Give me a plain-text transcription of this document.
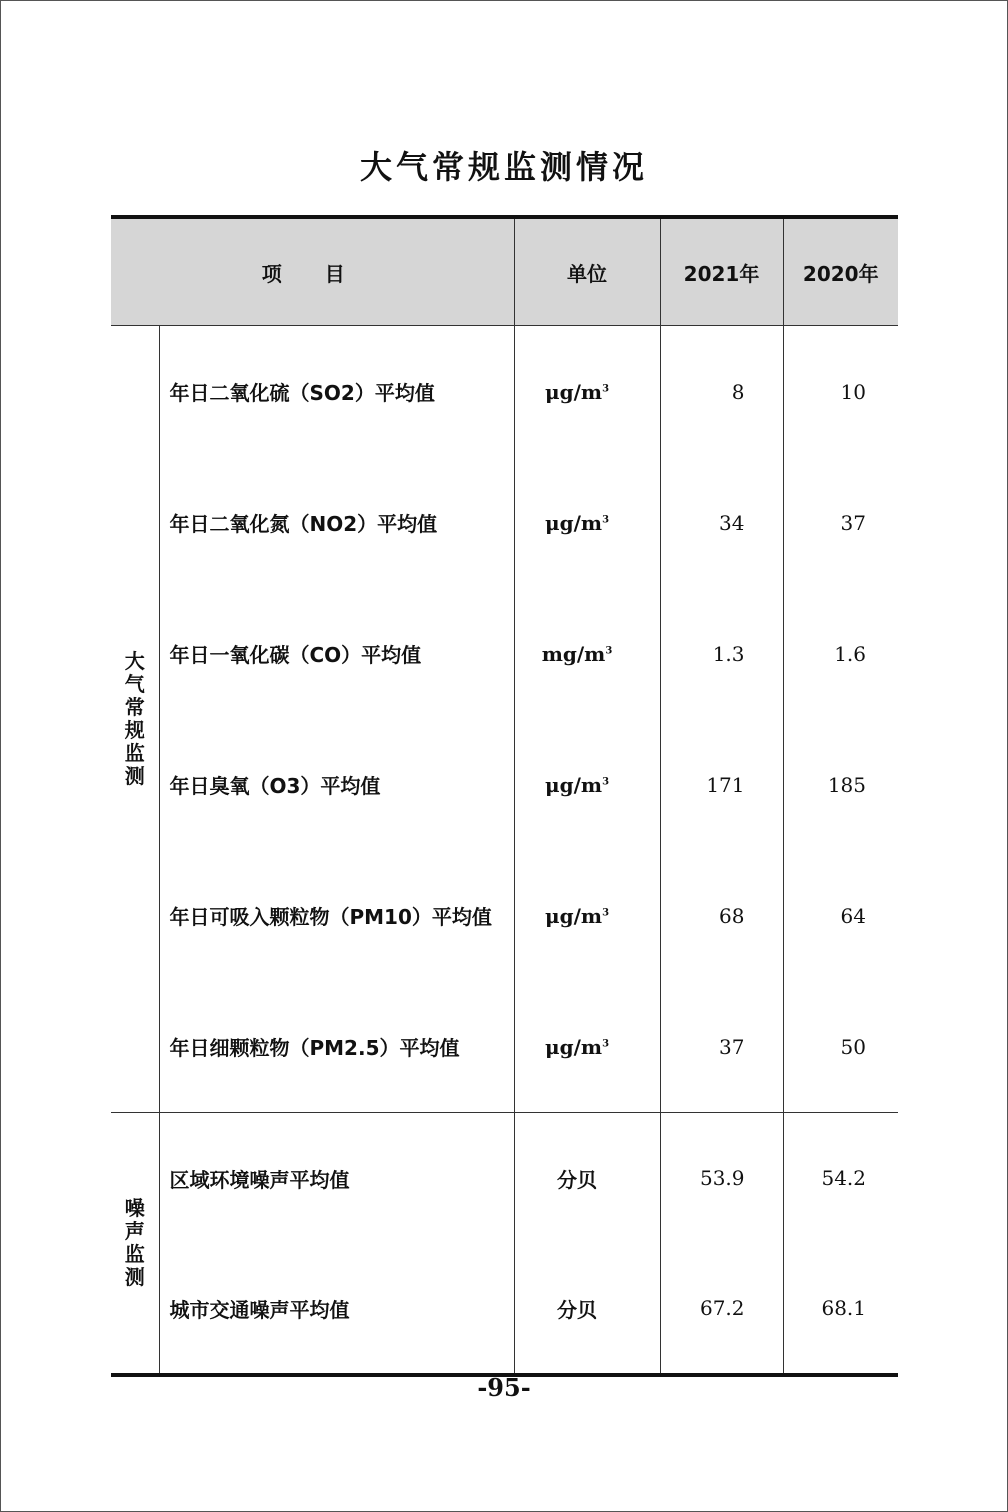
大气常规监测情况
项 目		单位	2021年	2020年
大气常规监测	年日二氧化硫（SO2）平均值	$\mu g/m^3$	8	10
	年日二氧化氮（NO2）平均值	$\mu g/m^3$	34	37
	年日一氧化碳（CO）平均值	$mg/m^3$	1.3	1.6
	年日臭氧（O3）平均值	$\mu g/m^3$	171	185
	年日可吸入颗粒物（PM10）平均值	$\mu g/m^3$	68	64
	年日细颗粒物（PM2.5）平均值	$\mu g/m^3$	37	50
噪声监测	区域环境噪声平均值	分贝	53.9	54.2
	城市交通噪声平均值	分贝	67.2	68.1
-95-
